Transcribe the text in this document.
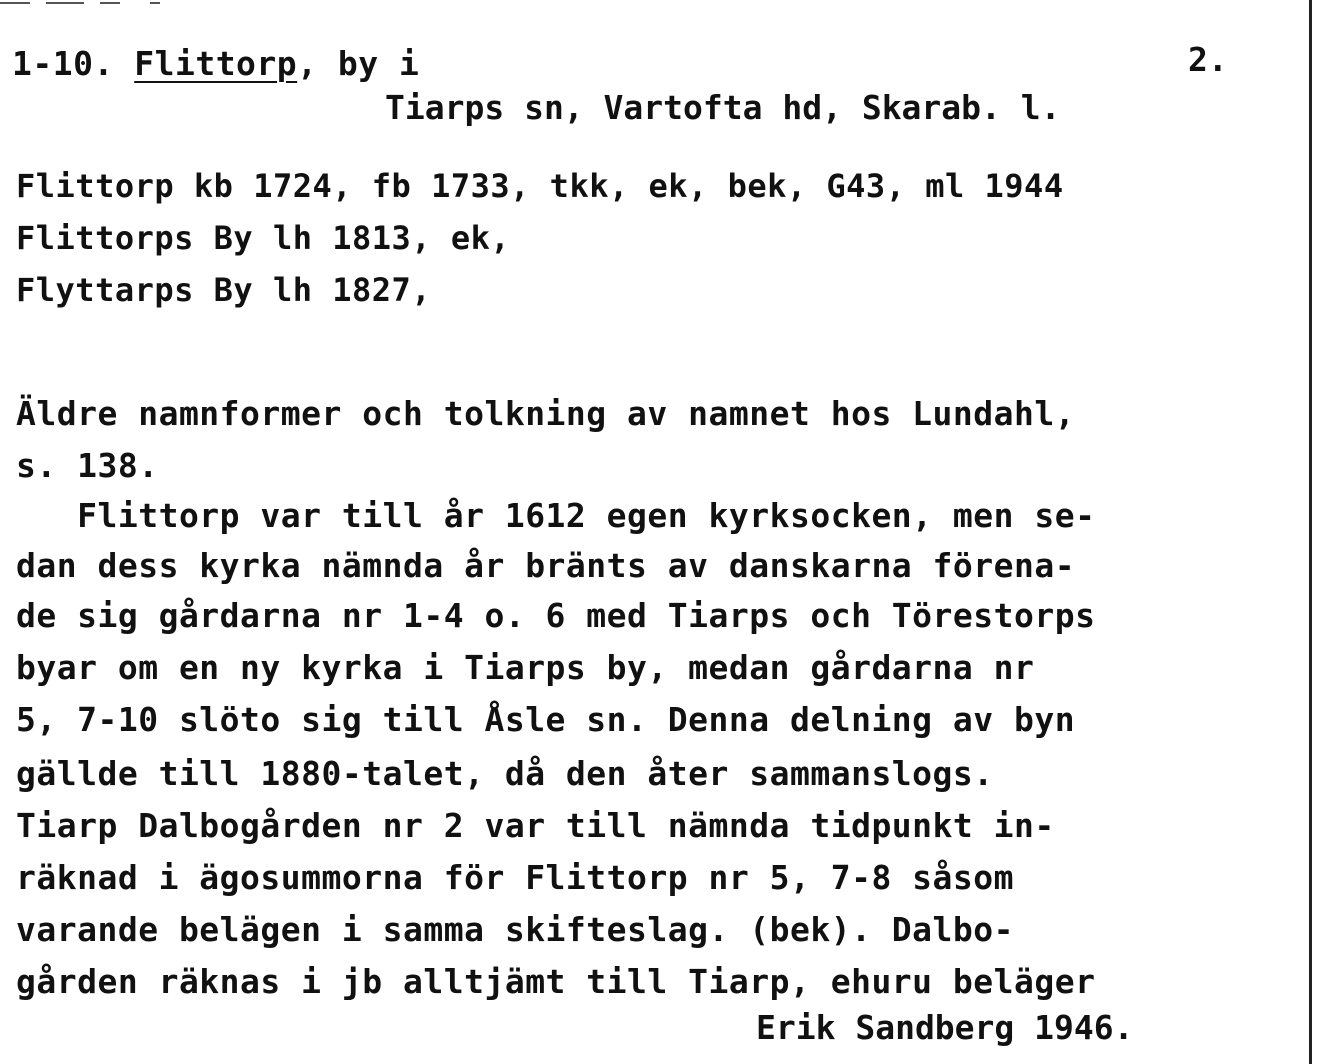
1-10. Flittorp, by i	2.
Tiarps sn, Vartofta hd, Skarab. l.
Flittorp kb 1724, fb 1733, tkk, ek, bek, G43, ml 1944
Flittorps By lh 1813, ek,
Flyttarps By lh 1827,
Äldre namnformer och tolkning av namnet hos Lundahl,
s. 138.
Flittorp var till år 1612 egen kyrksocken, men se-
dan dess kyrka nämnda år bränts av danskarna förena-
de sig gårdarna nr 1-4 o. 6 med Tiarps och Törestorps
byar om en ny kyrka i Tiarps by, medan gårdarna nr
5, 7-10 slöto sig till Åsle sn. Denna delning av byn
gällde till 1880-talet, då den åter sammanslogs.
Tiarp Dalbogården nr 2 var till nämnda tidpunkt in-
räknad i ägosummorna för Flittorp nr 5, 7-8 såsom
varande belägen i samma skifteslag. (bek). Dalbo-
gården räknas i jb alltjämt till Tiarp, ehuru beläger
Erik Sandberg 1946.
